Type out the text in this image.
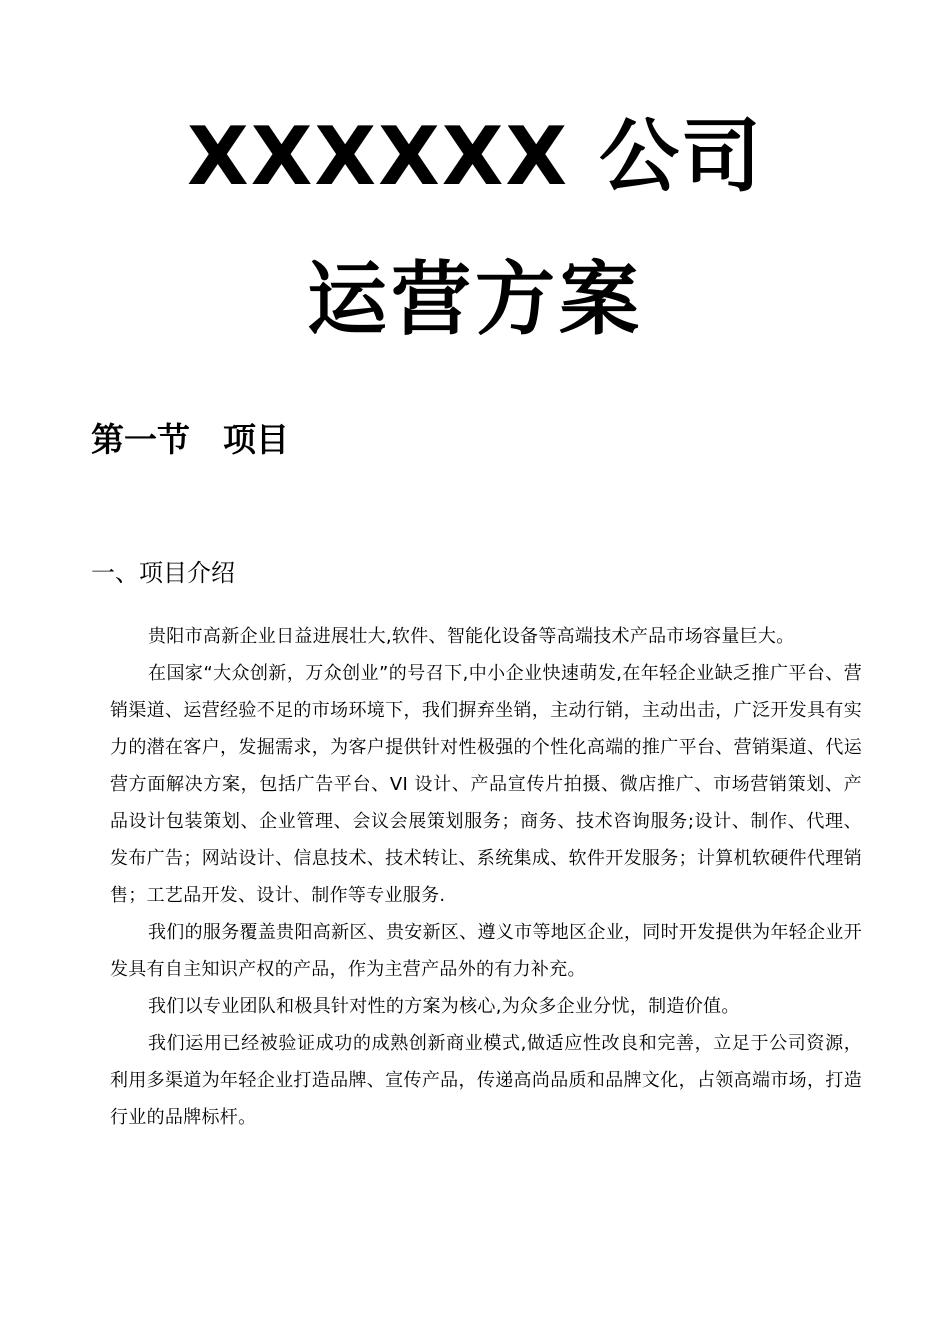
XXXXXX 公司
运营方案
第一节　项目
一、项目介绍

贵阳市高新企业日益进展壮大,软件、智能化设备等高端技术产品市场容量巨大。

在国家“大众创新，万众创业”的号召下,中小企业快速萌发,在年轻企业缺乏推广平台、营销渠道、运营经验不足的市场环境下，我们摒弃坐销，主动行销，主动出击，广泛开发具有实力的潜在客户，发掘需求，为客户提供针对性极强的个性化高端的推广平台、营销渠道、代运营方面解决方案，包括广告平台、VI 设计、产品宣传片拍摄、微店推广、市场营销策划、产品设计包装策划、企业管理、会议会展策划服务；商务、技术咨询服务;设计、制作、代理、发布广告；网站设计、信息技术、技术转让、系统集成、软件开发服务；计算机软硬件代理销售；工艺品开发、设计、制作等专业服务.

我们的服务覆盖贵阳高新区、贵安新区、遵义市等地区企业，同时开发提供为年轻企业开发具有自主知识产权的产品，作为主营产品外的有力补充。

我们以专业团队和极具针对性的方案为核心,为众多企业分忧，制造价值。

我们运用已经被验证成功的成熟创新商业模式,做适应性改良和完善，立足于公司资源，利用多渠道为年轻企业打造品牌、宣传产品，传递高尚品质和品牌文化，占领高端市场，打造行业的品牌标杆。
